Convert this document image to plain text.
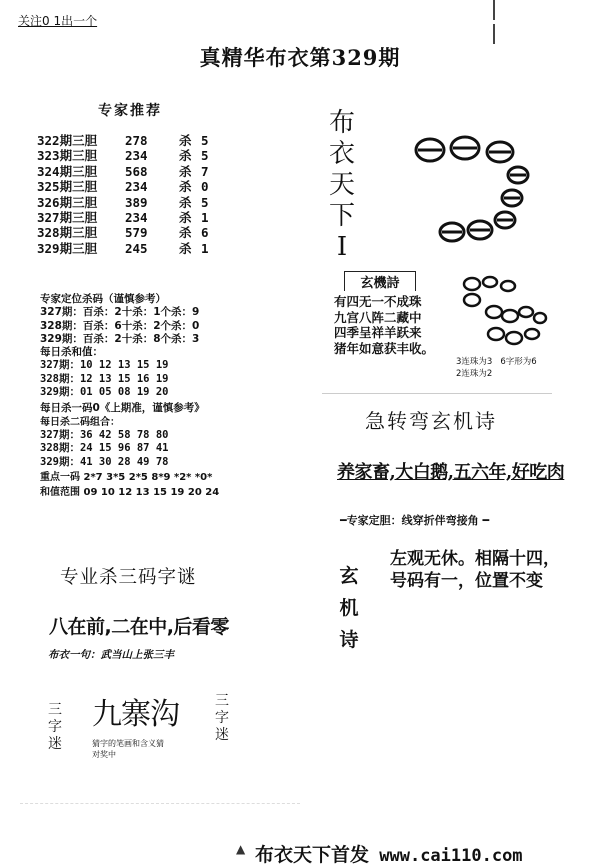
关注0 1出一个
真精华布衣第329期
专家推荐
322期三胆 278	杀 5
323期三胆 234	杀 5
324期三胆 568	杀 7
325期三胆 234	杀 0
326期三胆 389	杀 5
327期三胆 234	杀 1
328期三胆 579	杀 6
329期三胆 245	杀 1
专家定位杀码（谨慎参考）
327期：百杀：2十杀：1个杀：9
328期：百杀：6十杀：2个杀：0
329期：百杀：2十杀：8个杀：3
每日杀和值：
327期：10 12 13 15 19
328期：12 13 15 16 19
329期：01 05 08 19 20
每日杀一码0《上期准，谨慎参考》
每日杀二码组合：
327期：36 42 58 78 80
328期：24 15 96 87 41
329期：41 30 28 49 78
重点一码 2*7 3*5 2*5 8*9 *2* *0*
和值范围 09 10 12 13 15 19 20 24
布
衣
天
下
I
玄機詩
有四无一不成珠
九宫八阵二藏中
四季呈祥羊跃来
猪年如意获丰收。
3连珠为3 6字形为6
2连珠为2
急转弯玄机诗
养家畜,大白鹅,五六年,好吃肉
━专家定胆：线穿折伴弯接角 ━
玄
机
诗
左观无休。相隔十四，
号码有一，位置不变
专业杀三码字谜
八在前,二在中,后看零
布衣一句：武当山上张三丰
三
字
迷
九寨沟
猜字的笔画和含义猜
对奖中
三
字
迷
▲ 布衣天下首发 www.cai110.com
